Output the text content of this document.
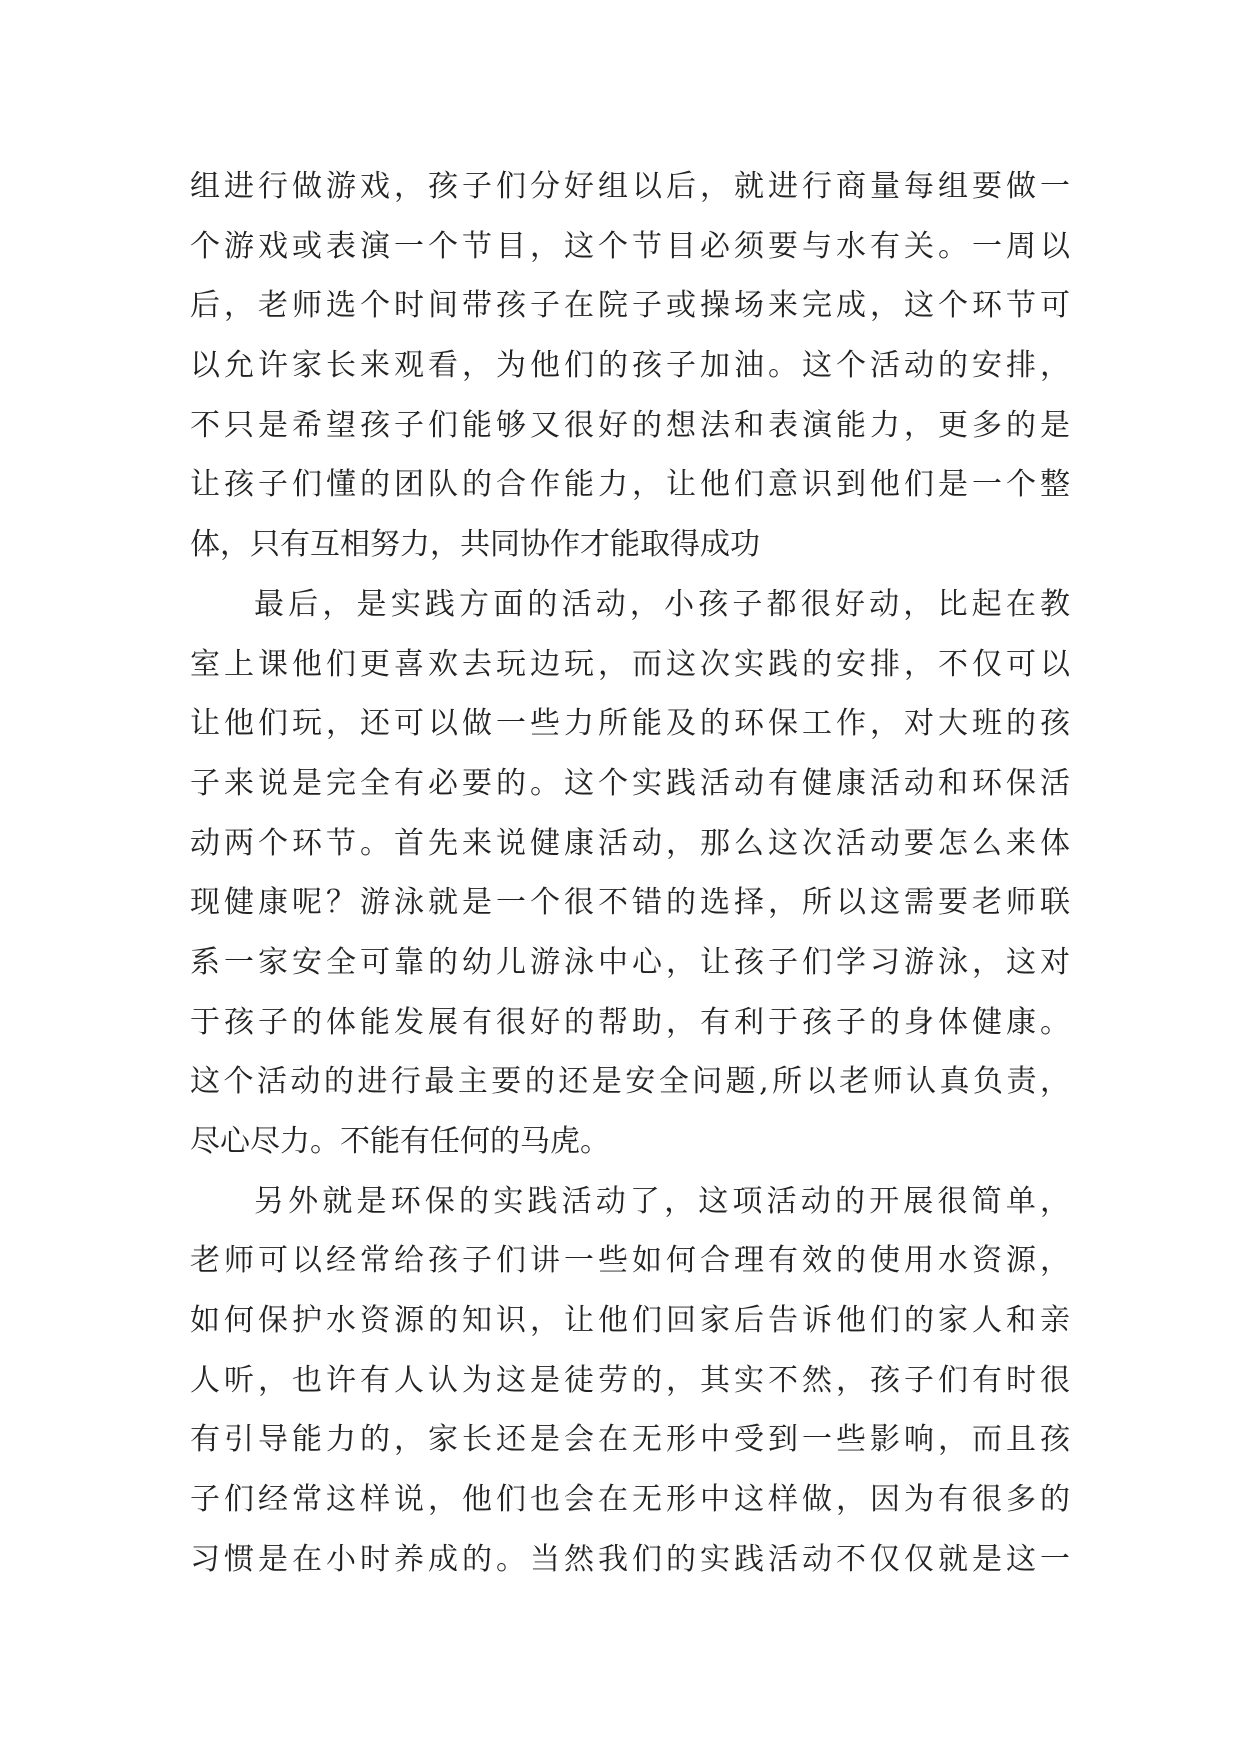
组进行做游戏，孩子们分好组以后，就进行商量每组要做一
个游戏或表演一个节目，这个节目必须要与水有关。一周以
后，老师选个时间带孩子在院子或操场来完成，这个环节可
以允许家长来观看，为他们的孩子加油。这个活动的安排，
不只是希望孩子们能够又很好的想法和表演能力，更多的是
让孩子们懂的团队的合作能力，让他们意识到他们是一个整
体，只有互相努力，共同协作才能取得成功
最后，是实践方面的活动，小孩子都很好动，比起在教
室上课他们更喜欢去玩边玩，而这次实践的安排，不仅可以
让他们玩，还可以做一些力所能及的环保工作，对大班的孩
子来说是完全有必要的。这个实践活动有健康活动和环保活
动两个环节。首先来说健康活动，那么这次活动要怎么来体
现健康呢？游泳就是一个很不错的选择，所以这需要老师联
系一家安全可靠的幼儿游泳中心，让孩子们学习游泳，这对
于孩子的体能发展有很好的帮助，有利于孩子的身体健康。
这个活动的进行最主要的还是安全问题,所以老师认真负责，
尽心尽力。不能有任何的马虎。
另外就是环保的实践活动了，这项活动的开展很简单，
老师可以经常给孩子们讲一些如何合理有效的使用水资源，
如何保护水资源的知识，让他们回家后告诉他们的家人和亲
人听，也许有人认为这是徒劳的，其实不然，孩子们有时很
有引导能力的，家长还是会在无形中受到一些影响，而且孩
子们经常这样说，他们也会在无形中这样做，因为有很多的
习惯是在小时养成的。当然我们的实践活动不仅仅就是这一
